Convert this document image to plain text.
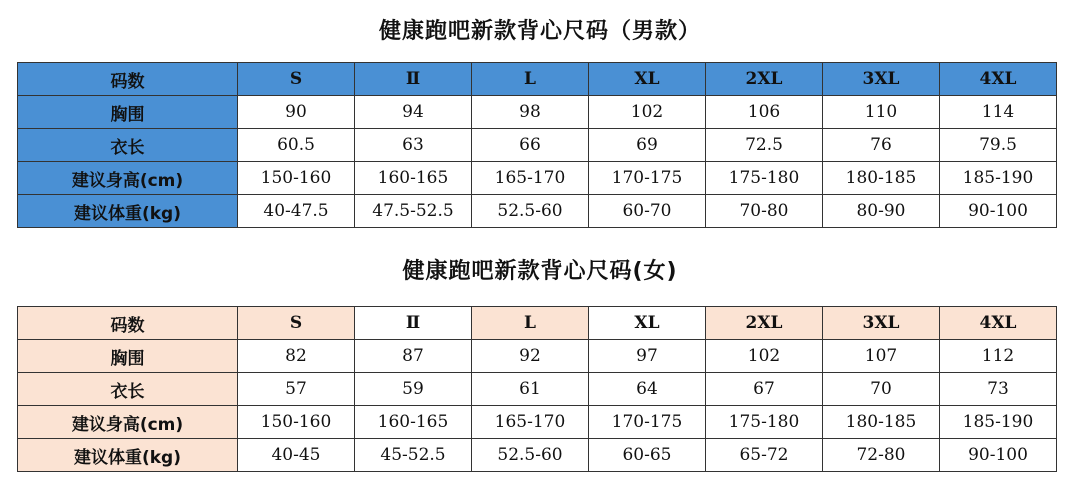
健康跑吧新款背心尺码（男款）
码数	S	Ⅱ	L	XL	2XL	3XL	4XL
胸围	90	94	98	102	106	110	114
衣长	60.5	63	66	69	72.5	76	79.5
建议身高(cm)	150-160	160-165	165-170	170-175	175-180	180-185	185-190
建议体重(kg)	40-47.5	47.5-52.5	52.5-60	60-70	70-80	80-90	90-100
健康跑吧新款背心尺码(女)
码数	S	Ⅱ	L	XL	2XL	3XL	4XL
胸围	82	87	92	97	102	107	112
衣长	57	59	61	64	67	70	73
建议身高(cm)	150-160	160-165	165-170	170-175	175-180	180-185	185-190
建议体重(kg)	40-45	45-52.5	52.5-60	60-65	65-72	72-80	90-100
